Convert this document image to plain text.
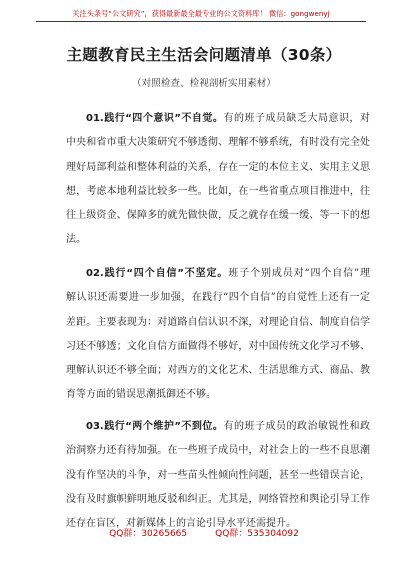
关注头条号“公文研究”，获得最新最全最专业的公文资料库！ 微信：gongwenyj
主题教育民主生活会问题清单（30条）
（对照检查、检视剖析实用素材）
01.践行“四个意识”不自觉。有的班子成员缺乏大局意识，对
中央和省市重大决策研究不够透彻、理解不够系统，有时没有完全处
理好局部利益和整体利益的关系，存在一定的本位主义、实用主义思
想，考虑本地利益比较多一些。比如，在一些省重点项目推进中，往
往上级资金、保障多的就先做快做，反之就存在缓一缓、等一下的想
法。
02.践行“四个自信”不坚定。班子个别成员对“四个自信”理
解认识还需要进一步加强，在践行“四个自信”的自觉性上还有一定
差距。主要表现为：对道路自信认识不深，对理论自信、制度自信学
习还不够透；文化自信方面做得不够好，对中国传统文化学习不够、
理解认识还不够全面；对西方的文化艺术、生活思维方式、商品、教
育等方面的错误思潮抵御还不够。
03.践行“两个维护”不到位。有的班子成员的政治敏锐性和政
治洞察力还有待加强。在一些班子成员中，对社会上的一些不良思潮
没有作坚决的斗争，对一些苗头性倾向性问题，甚至一些错误言论，
没有及时旗帜鲜明地反驳和纠正。尤其是，网络管控和舆论引导工作
还存在盲区，对新媒体上的言论引导水平还需提升。
QQ群：30265665	QQ群：535304092
